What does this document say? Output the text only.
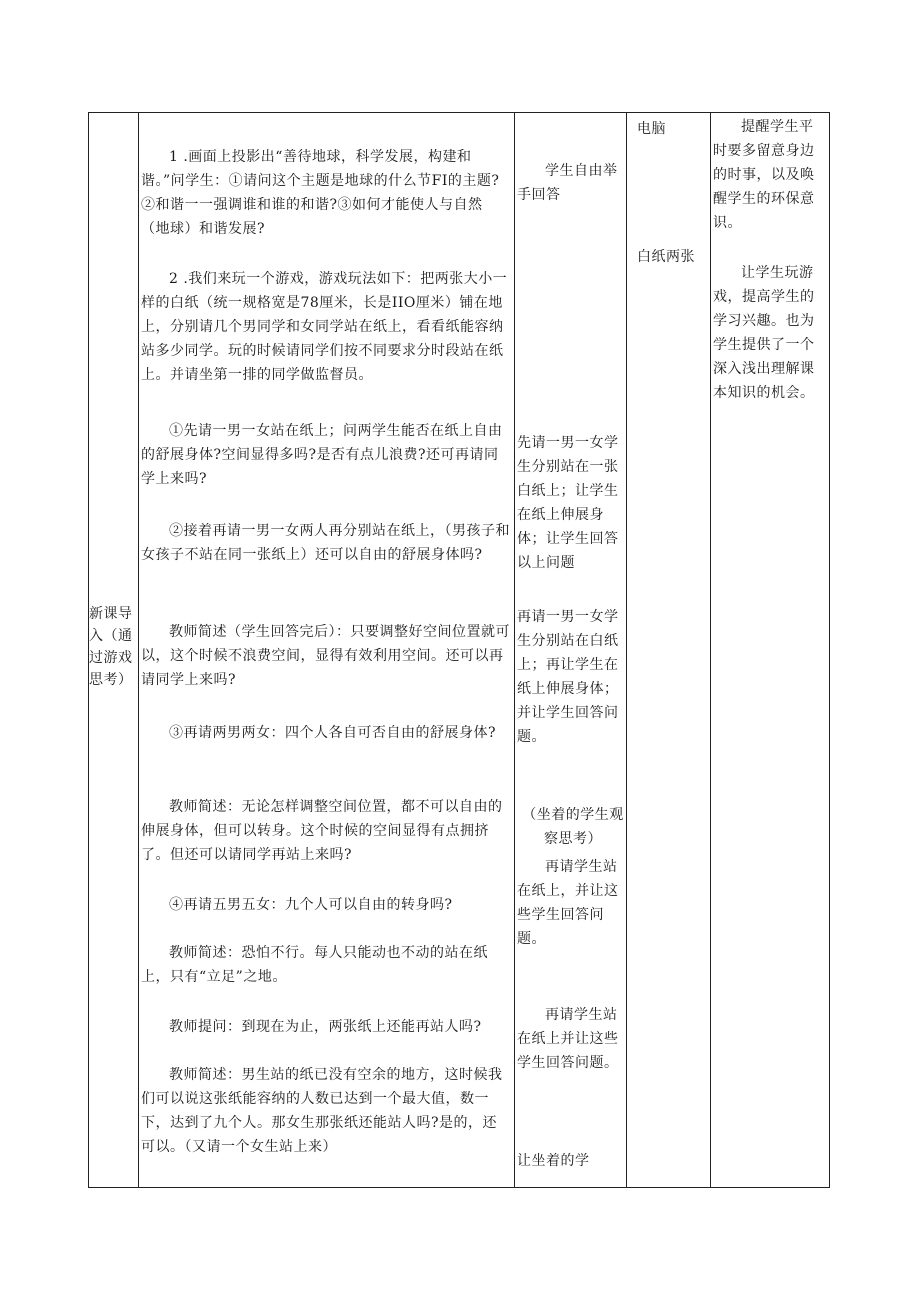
新课导入（通过游戏思考）

1 .画面上投影出“善待地球，科学发展，构建和谐。”问学生：①请问这个主题是地球的什么节FI的主题?②和谐一一强调谁和谁的和谐?③如何才能使人与自然（地球）和谐发展?

2 .我们来玩一个游戏，游戏玩法如下：把两张大小一样的白纸（统一规格宽是78厘米，长是IIO厘米）铺在地上，分别请几个男同学和女同学站在纸上，看看纸能容纳站多少同学。玩的时候请同学们按不同要求分时段站在纸上。并请坐第一排的同学做监督员。

①先请一男一女站在纸上；问两学生能否在纸上自由的舒展身体?空间显得多吗?是否有点儿浪费?还可再请同学上来吗?

②接着再请一男一女两人再分别站在纸上，（男孩子和女孩子不站在同一张纸上）还可以自由的舒展身体吗?

教师简述（学生回答完后）：只要调整好空间位置就可以，这个时候不浪费空间，显得有效利用空间。还可以再请同学上来吗?

③再请两男两女：四个人各自可否自由的舒展身体?

教师简述：无论怎样调整空间位置，都不可以自由的伸展身体，但可以转身。这个时候的空间显得有点拥挤了。但还可以请同学再站上来吗?

④再请五男五女：九个人可以自由的转身吗?

教师简述：恐怕不行。每人只能动也不动的站在纸上，只有“立足”之地。

教师提问：到现在为止，两张纸上还能再站人吗?

教师简述：男生站的纸已没有空余的地方，这时候我们可以说这张纸能容纳的人数已达到一个最大值，数一下，达到了九个人。那女生那张纸还能站人吗?是的，还可以。（又请一个女生站上来）

学生自由举手回答

先请一男一女学生分别站在一张白纸上；让学生在纸上伸展身体；让学生回答以上问题

再请一男一女学生分别站在白纸上；再让学生在纸上伸展身体；并让学生回答问题。

（坐着的学生观察思考）

再请学生站在纸上，并让这些学生回答问题。

再请学生站在纸上并让这些学生回答问题。

让坐着的学

电脑

白纸两张

提醒学生平时要多留意身边的时事，以及唤醒学生的环保意识。

让学生玩游戏，提高学生的学习兴趣。也为学生提供了一个深入浅出理解课本知识的机会。
